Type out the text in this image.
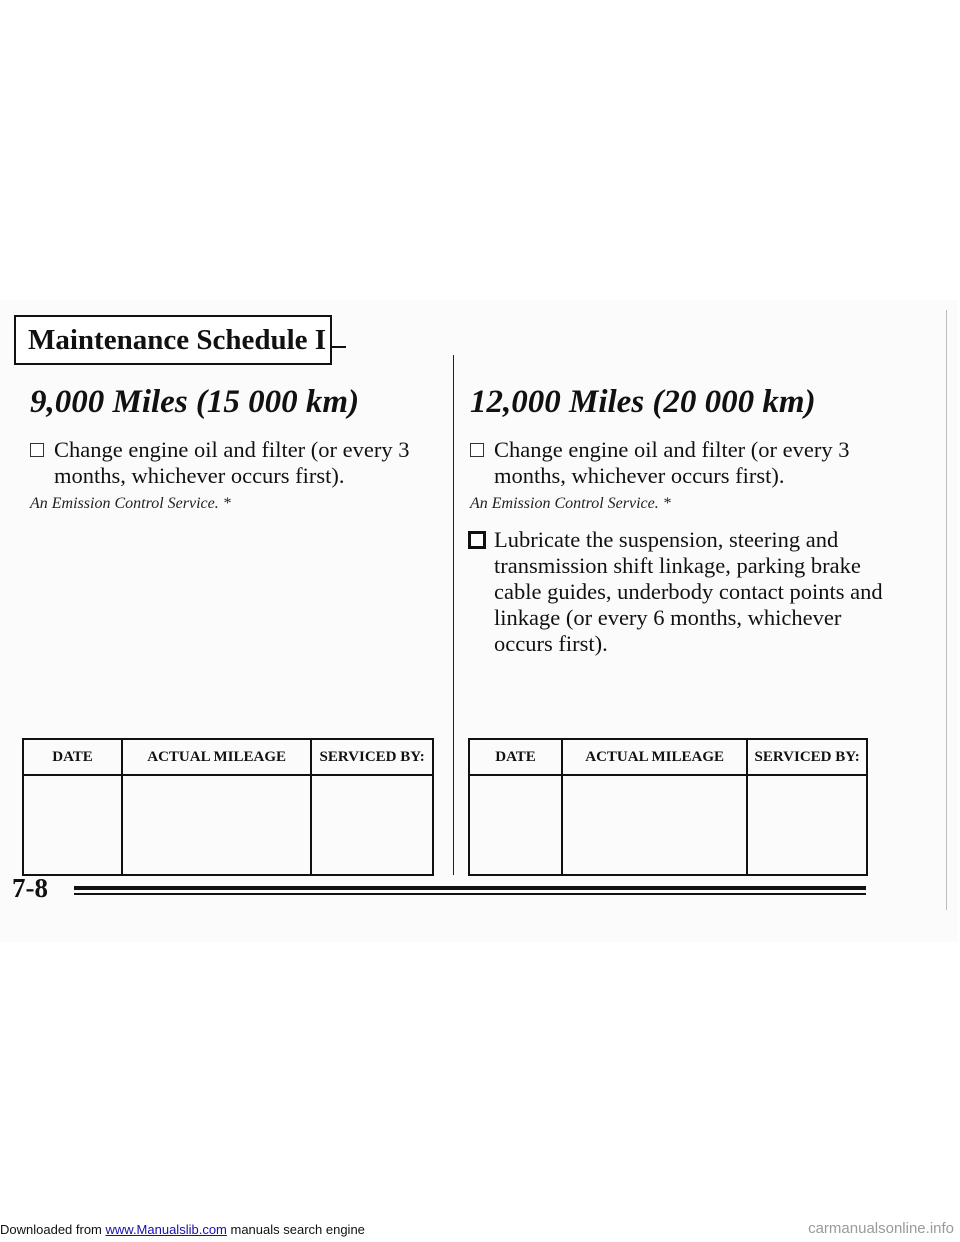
Maintenance Schedule I
9,000 Miles (15 000 km)
Change engine oil and filter (or every 3 months, whichever occurs first).
An Emission Control Service. *
12,000 Miles (20 000 km)
Change engine oil and filter (or every 3 months, whichever occurs first).
An Emission Control Service. *
Lubricate the suspension, steering and transmission shift linkage, parking brake cable guides, underbody contact points and linkage (or every 6 months, whichever occurs first).
DATE	ACTUAL MILEAGE	SERVICED BY:
			DATE	ACTUAL MILEAGE	SERVICED BY:

7-8
Downloaded from www.Manualslib.com manuals search engine	carmanualsonline.info
